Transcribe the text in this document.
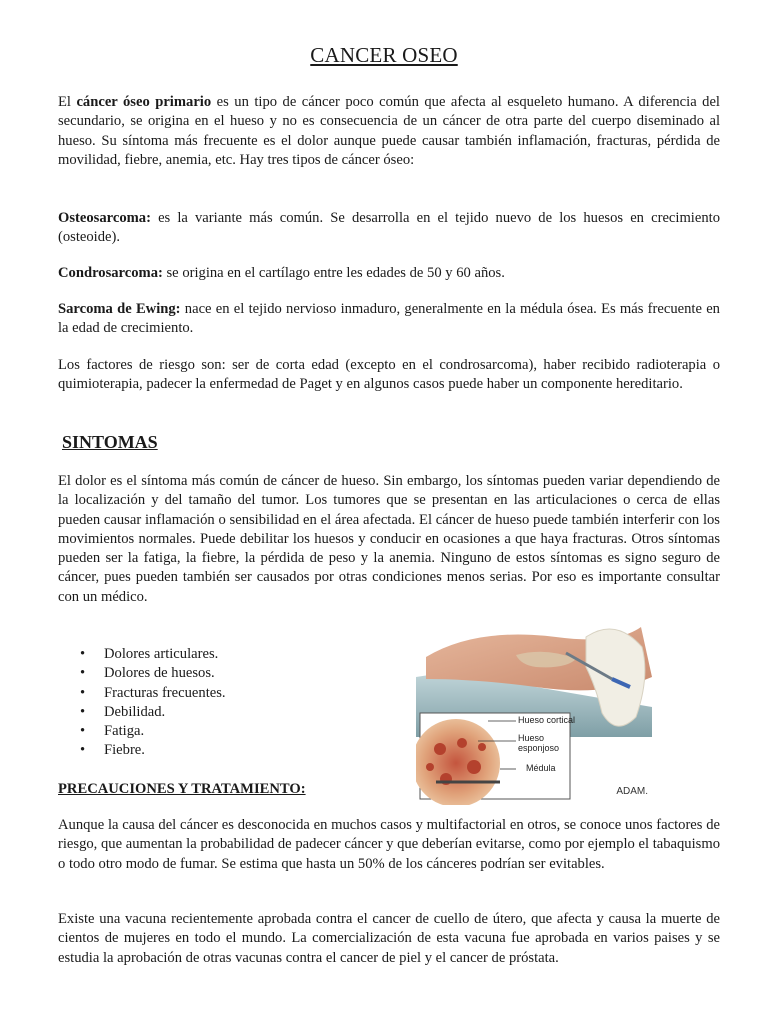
CANCER OSEO

El cáncer óseo primario es un tipo de cáncer poco común que afecta al esqueleto humano. A diferencia del secundario, se origina en el hueso y no es consecuencia de un cáncer de otra parte del cuerpo diseminado al hueso. Su síntoma más frecuente es el dolor aunque puede causar también inflamación, fracturas, pérdida de movilidad, fiebre, anemia, etc. Hay tres tipos de cáncer óseo:

Osteosarcoma: es la variante más común. Se desarrolla en el tejido nuevo de los huesos en crecimiento (osteoide).

Condrosarcoma: se origina en el cartílago entre les edades de 50 y 60 años.

Sarcoma de Ewing: nace en el tejido nervioso inmaduro, generalmente en la médula ósea. Es más frecuente en la edad de crecimiento.

Los factores de riesgo son: ser de corta edad (excepto en el condrosarcoma), haber recibido radioterapia o quimioterapia, padecer la enfermedad de Paget y en algunos casos puede haber un componente hereditario.

SINTOMAS

El dolor es el síntoma más común de cáncer de hueso. Sin embargo, los síntomas pueden variar dependiendo de la localización y del tamaño del tumor. Los tumores que se presentan en las articulaciones o cerca de ellas pueden causar inflamación o sensibilidad en el área afectada. El cáncer de hueso puede también interferir con los movimientos normales. Puede debilitar los huesos y conducir en ocasiones a que haya fracturas. Otros síntomas pueden ser la fatiga, la fiebre, la pérdida de peso y la anemia. Ninguno de estos síntomas es signo seguro de cáncer, pues pueden también ser causados por otras condiciones menos serias. Por eso es importante consultar con un médico.

• Dolores articulares.
• Dolores de huesos.
• Fracturas frecuentes.
• Debilidad.
• Fatiga.
• Fiebre.
Hueso cortical
Hueso
esponjoso
Médula
ADAM.
PRECAUCIONES Y TRATAMIENTO:

Aunque la causa del cáncer es desconocida en muchos casos y multifactorial en otros, se conoce unos factores de riesgo, que aumentan la probabilidad de padecer cáncer y que deberían evitarse, como por ejemplo el tabaquismo o todo otro modo de fumar. Se estima que hasta un 50% de los cánceres podrían ser evitables.

Existe una vacuna recientemente aprobada contra el cancer de cuello de útero, que afecta y causa la muerte de cientos de mujeres en todo el mundo. La comercialización de esta vacuna fue aprobada en varios paises y se estudia la aprobación de otras vacunas contra el cancer de piel y el cancer de próstata.
